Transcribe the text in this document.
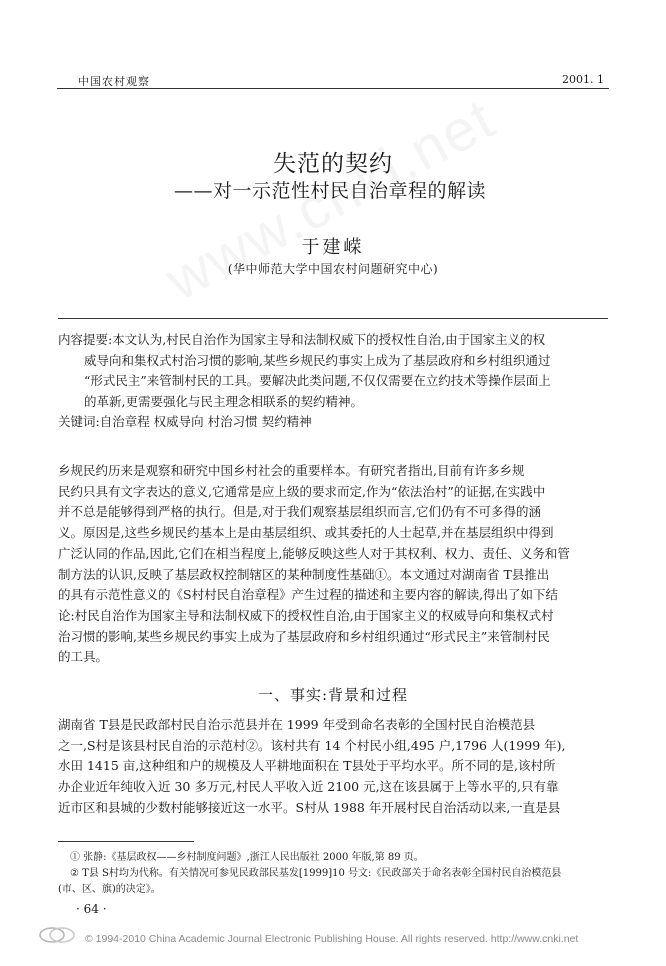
中国农村观察	2001. 1
失范的契约
——对一示范性村民自治章程的解读
于建嵘
(华中师范大学中国农村问题研究中心)
内容提要:本文认为,村民自治作为国家主导和法制权威下的授权性自治,由于国家主义的权
威导向和集权式村治习惯的影响,某些乡规民约事实上成为了基层政府和乡村组织通过
“形式民主”来管制村民的工具。要解决此类问题,不仅仅需要在立约技术等操作层面上
的革新,更需要强化与民主理念相联系的契约精神。
关键词:自治章程 权威导向 村治习惯 契约精神
乡规民约历来是观察和研究中国乡村社会的重要样本。有研究者指出,目前有许多乡规
民约只具有文字表达的意义,它通常是应上级的要求而定,作为“依法治村”的证据,在实践中
并不总是能够得到严格的执行。但是,对于我们观察基层组织而言,它们仍有不可多得的涵
义。原因是,这些乡规民约基本上是由基层组织、或其委托的人士起草,并在基层组织中得到
广泛认同的作品,因此,它们在相当程度上,能够反映这些人对于其权利、权力、责任、义务和管
制方法的认识,反映了基层政权控制辖区的某种制度性基础①。本文通过对湖南省 T县推出
的具有示范性意义的《S村村民自治章程》产生过程的描述和主要内容的解读,得出了如下结
论:村民自治作为国家主导和法制权威下的授权性自治,由于国家主义的权威导向和集权式村
治习惯的影响,某些乡规民约事实上成为了基层政府和乡村组织通过“形式民主”来管制村民
的工具。
一、事实:背景和过程
湖南省 T县是民政部村民自治示范县并在 1999 年受到命名表彰的全国村民自治模范县
之一,S村是该县村民自治的示范村②。该村共有 14 个村民小组,495 户,1796 人(1999 年),
水田 1415 亩,这种组和户的规模及人平耕地面积在 T县处于平均水平。所不同的是,该村所
办企业近年纯收入近 30 多万元,村民人平收入近 2100 元,这在该县属于上等水平的,只有靠
近市区和县城的少数村能够接近这一水平。S村从 1988 年开展村民自治活动以来,一直是县
① 张静:《基层政权——乡村制度问题》,浙江人民出版社 2000 年版,第 89 页。
② T县 S村均为代称。有关情况可参见民政部民基发[1999]10 号文:《民政部关于命名表彰全国村民自治模范县
(市、区、旗)的决定》。
· 64 ·
© 1994-2010 China Academic Journal Electronic Publishing House. All rights reserved. http://www.cnki.net
